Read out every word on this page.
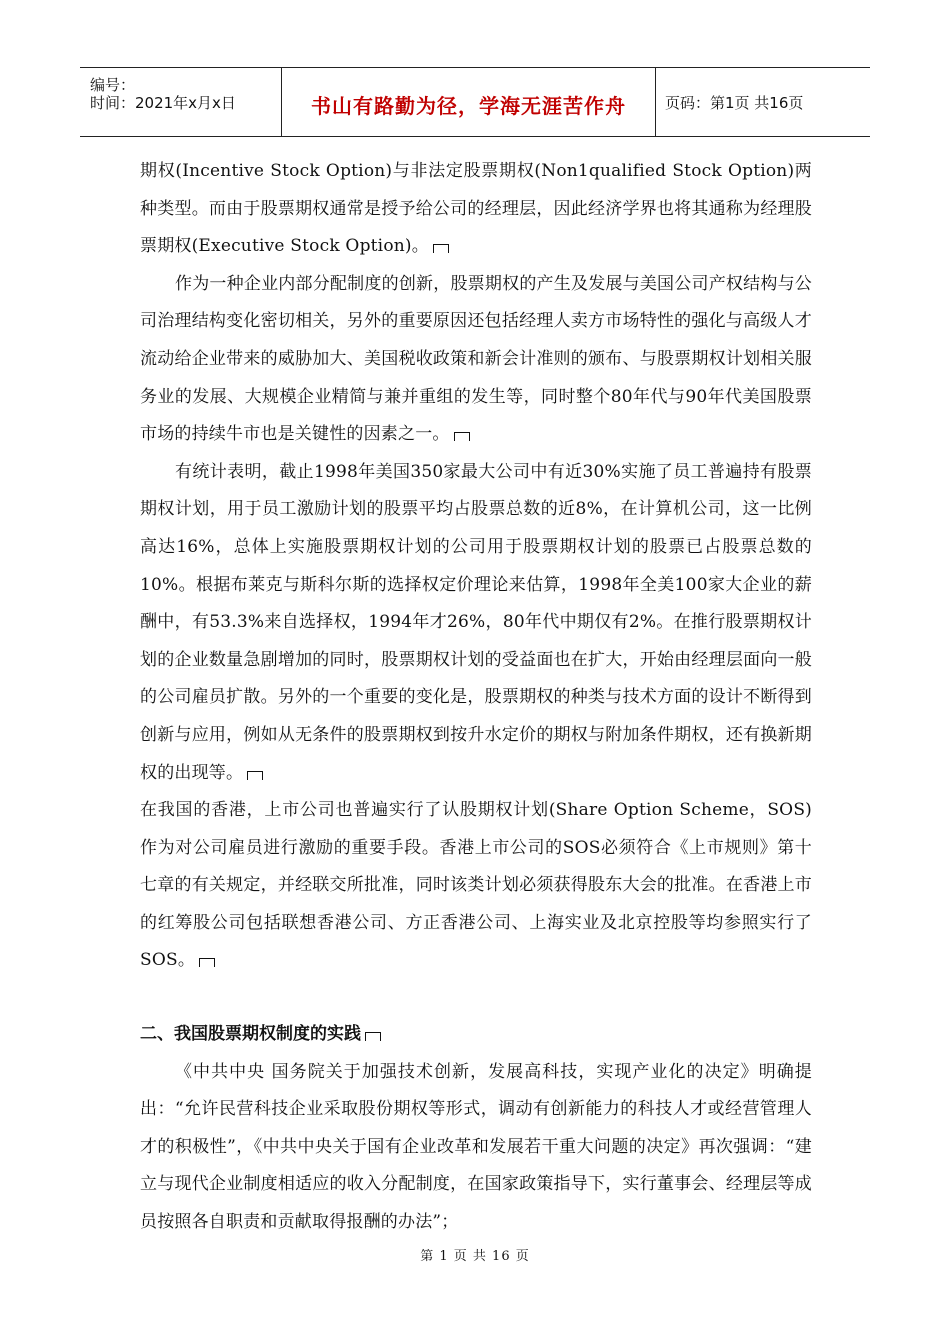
编号：
时间：2021年x月x日	书山有路勤为径，学海无涯苦作舟	页码：第1页 共16页
期权(Incentive Stock Option)与非法定股票期权(Non1qualified Stock Option)两种类型。而由于股票期权通常是授予给公司的经理层，因此经济学界也将其通称为经理股票期权(Executive Stock Option)。
作为一种企业内部分配制度的创新，股票期权的产生及发展与美国公司产权结构与公司治理结构变化密切相关，另外的重要原因还包括经理人卖方市场特性的强化与高级人才流动给企业带来的威胁加大、美国税收政策和新会计准则的颁布、与股票期权计划相关服务业的发展、大规模企业精简与兼并重组的发生等，同时整个80年代与90年代美国股票市场的持续牛市也是关键性的因素之一。
有统计表明，截止1998年美国350家最大公司中有近30%实施了员工普遍持有股票期权计划，用于员工激励计划的股票平均占股票总数的近8%，在计算机公司，这一比例高达16%，总体上实施股票期权计划的公司用于股票期权计划的股票已占股票总数的10%。根据布莱克与斯科尔斯的选择权定价理论来估算，1998年全美100家大企业的薪酬中，有53.3%来自选择权，1994年才26%，80年代中期仅有2%。在推行股票期权计划的企业数量急剧增加的同时，股票期权计划的受益面也在扩大，开始由经理层面向一般的公司雇员扩散。另外的一个重要的变化是，股票期权的种类与技术方面的设计不断得到创新与应用，例如从无条件的股票期权到按升水定价的期权与附加条件期权，还有换新期权的出现等。
在我国的香港，上市公司也普遍实行了认股期权计划(Share Option Scheme，SOS)作为对公司雇员进行激励的重要手段。香港上市公司的SOS必须符合《上市规则》第十七章的有关规定，并经联交所批准，同时该类计划必须获得股东大会的批准。在香港上市的红筹股公司包括联想香港公司、方正香港公司、上海实业及北京控股等均参照实行了SOS。
二、我国股票期权制度的实践
《中共中央 国务院关于加强技术创新，发展高科技，实现产业化的决定》明确提出：“允许民营科技企业采取股份期权等形式，调动有创新能力的科技人才或经营管理人才的积极性”，《中共中央关于国有企业改革和发展若干重大问题的决定》再次强调：“建立与现代企业制度相适应的收入分配制度，在国家政策指导下，实行董事会、经理层等成员按照各自职责和贡献取得报酬的办法”；
第 1 页 共 16 页
